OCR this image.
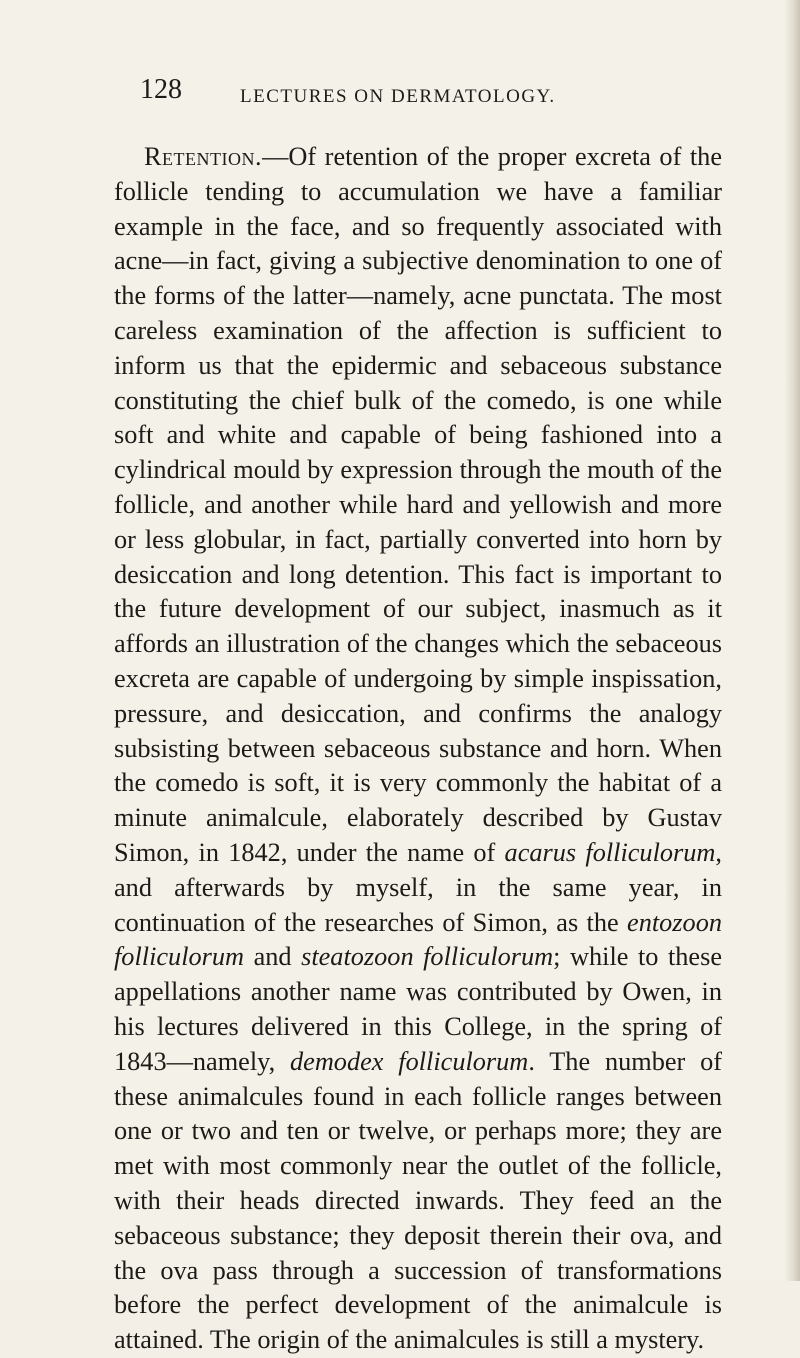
128	LECTURES ON DERMATOLOGY.
Retention.—Of retention of the proper excreta of the follicle tending to accumulation we have a familiar example in the face, and so frequently associated with acne—in fact, giving a subjective denomination to one of the forms of the latter—namely, acne punctata. The most careless examination of the affection is sufficient to inform us that the epidermic and sebaceous substance constituting the chief bulk of the comedo, is one while soft and white and capable of being fashioned into a cylindrical mould by expression through the mouth of the follicle, and another while hard and yellowish and more or less globular, in fact, partially converted into horn by desiccation and long detention. This fact is important to the future development of our subject, inasmuch as it affords an illustration of the changes which the sebaceous excreta are capable of undergoing by simple inspissation, pressure, and desiccation, and confirms the analogy subsisting between sebaceous substance and horn. When the comedo is soft, it is very commonly the habitat of a minute animalcule, elaborately described by Gustav Simon, in 1842, under the name of acarus folliculorum, and afterwards by myself, in the same year, in continuation of the researches of Simon, as the entozoon folliculorum and steatozoon folliculorum; while to these appellations another name was contributed by Owen, in his lectures delivered in this College, in the spring of 1843—namely, demodex folliculorum. The number of these animalcules found in each follicle ranges between one or two and ten or twelve, or perhaps more; they are met with most commonly near the outlet of the follicle, with their heads directed inwards. They feed an the sebaceous substance; they deposit therein their ova, and the ova pass through a succession of transformations before the perfect development of the animalcule is attained. The origin of the animalcules is still a mystery.
